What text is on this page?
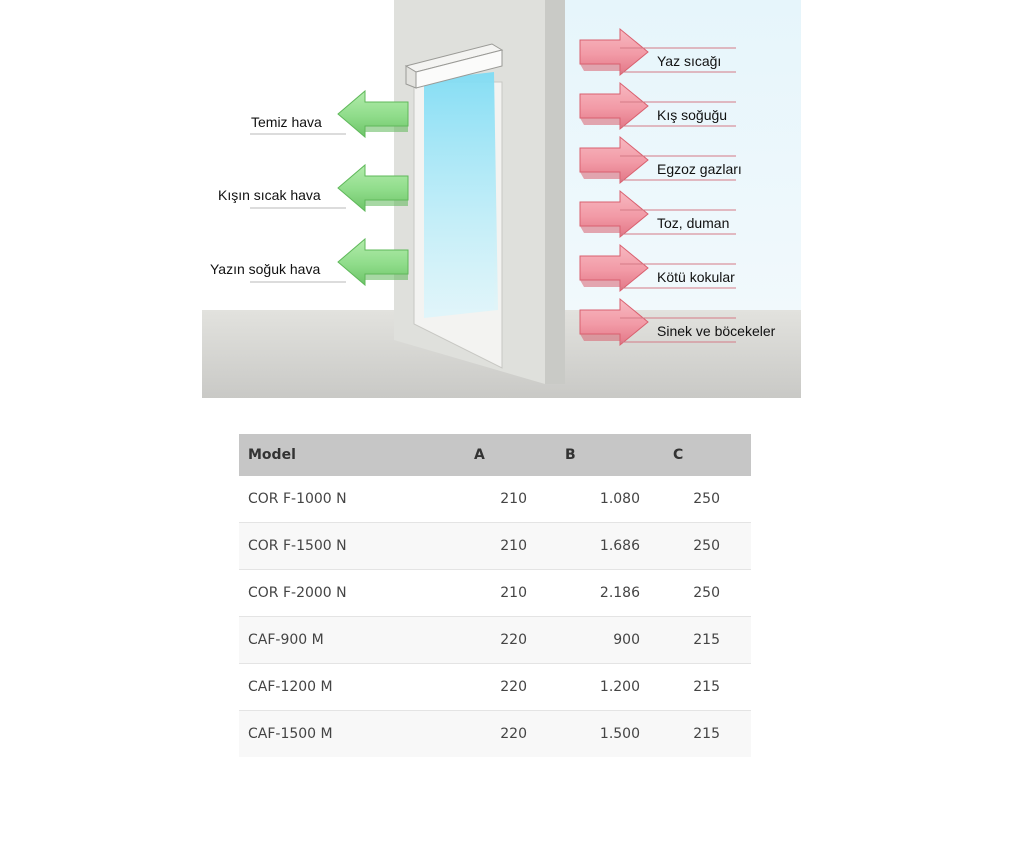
Temiz hava
Kışın sıcak hava
Yazın soğuk hava
Yaz sıcağı
Kış soğuğu
Egzoz gazları
Toz, duman
Kötü kokular
Sinek ve böcekeler
Model	A	B	C
COR F-1000 N	210	1.080	250
COR F-1500 N	210	1.686	250
COR F-2000 N	210	2.186	250
CAF-900 M	220	900	215
CAF-1200 M	220	1.200	215
CAF-1500 M	220	1.500	215
